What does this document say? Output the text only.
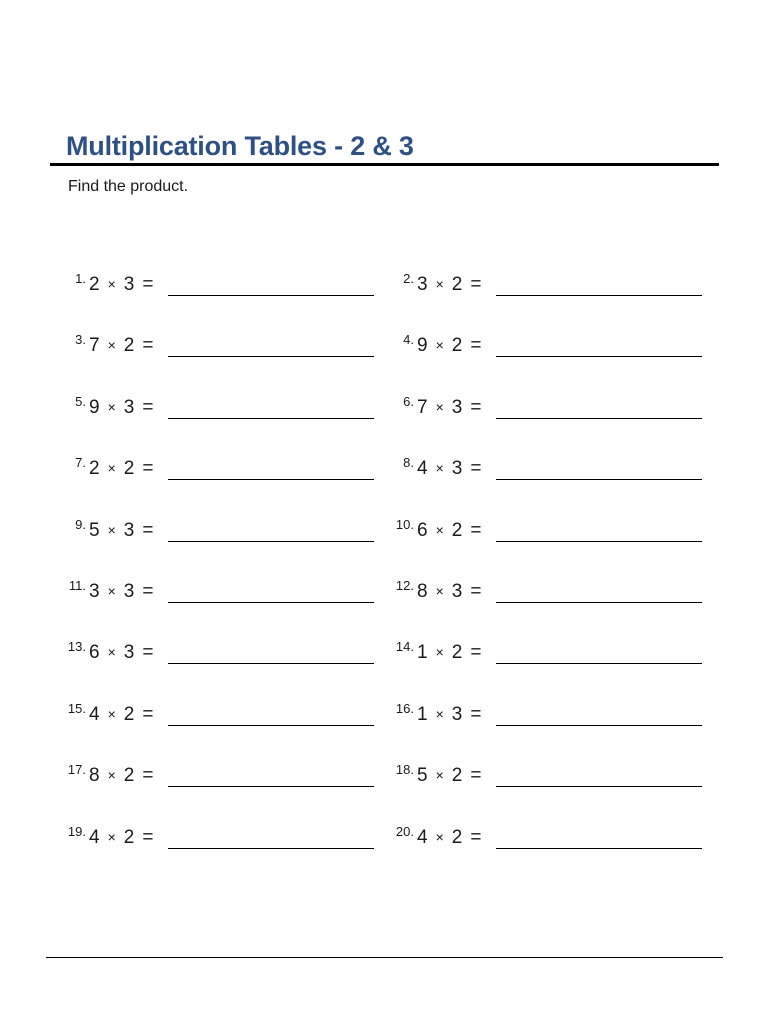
Multiplication Tables - 2 & 3
Find the product.
1. 2 × 3 =	2. 3 × 2 =
3. 7 × 2 =	4. 9 × 2 =
5. 9 × 3 =	6. 7 × 3 =
7. 2 × 2 =	8. 4 × 3 =
9. 5 × 3 =	10. 6 × 2 =
11. 3 × 3 =	12. 8 × 3 =
13. 6 × 3 =	14. 1 × 2 =
15. 4 × 2 =	16. 1 × 3 =
17. 8 × 2 =	18. 5 × 2 =
19. 4 × 2 =	20. 4 × 2 =
